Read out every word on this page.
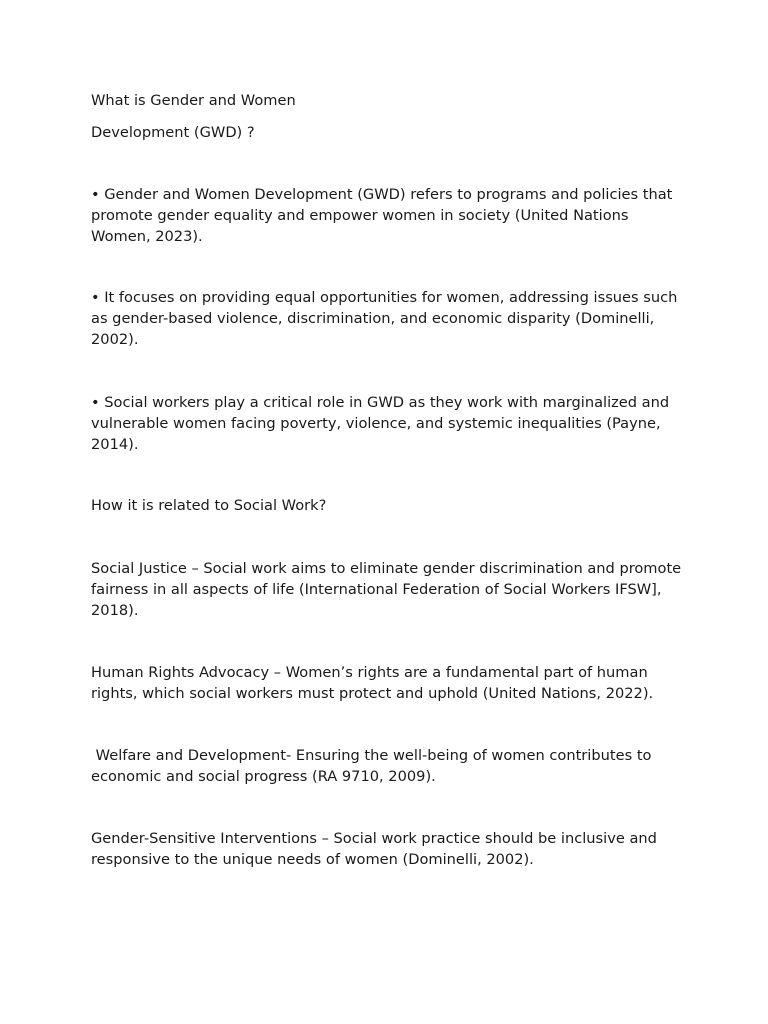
What is Gender and Women

Development (GWD) ?

• Gender and Women Development (GWD) refers to programs and policies that promote gender equality and empower women in society (United Nations Women, 2023).

• It focuses on providing equal opportunities for women, addressing issues such as gender-based violence, discrimination, and economic disparity (Dominelli, 2002).

• Social workers play a critical role in GWD as they work with marginalized and vulnerable women facing poverty, violence, and systemic inequalities (Payne, 2014).

How it is related to Social Work?

Social Justice – Social work aims to eliminate gender discrimination and promote fairness in all aspects of life (International Federation of Social Workers IFSW], 2018).

Human Rights Advocacy – Women’s rights are a fundamental part of human rights, which social workers must protect and uphold (United Nations, 2022).

Welfare and Development- Ensuring the well-being of women contributes to economic and social progress (RA 9710, 2009).

Gender-Sensitive Interventions – Social work practice should be inclusive and responsive to the unique needs of women (Dominelli, 2002).
